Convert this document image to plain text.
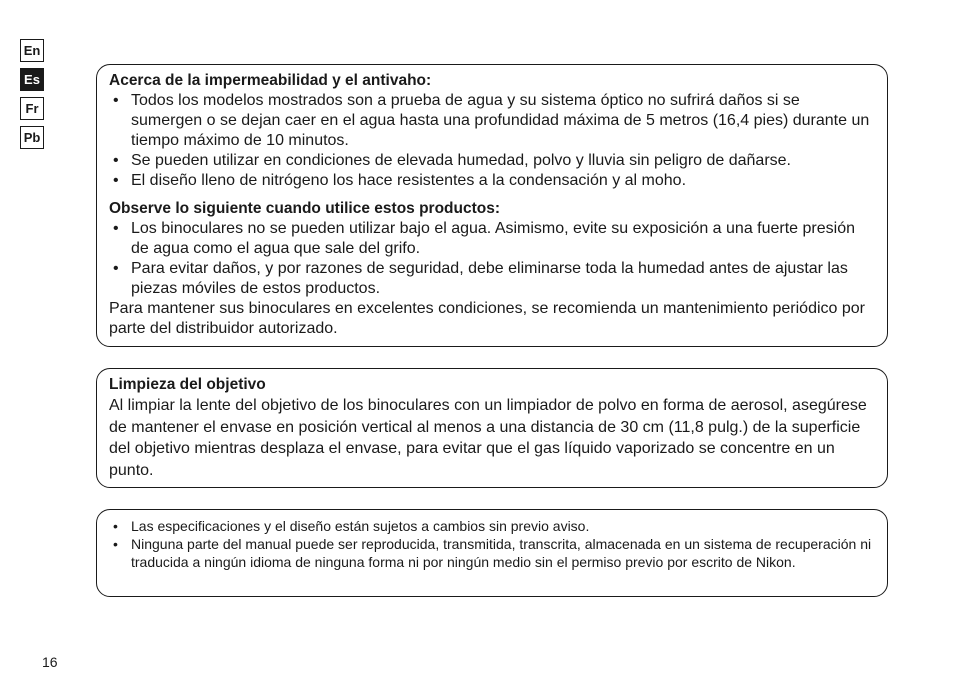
En
Es
Fr
Pb

Acerca de la impermeabilidad y el antivaho:

• Todos los modelos mostrados son a prueba de agua y su sistema óptico no sufrirá daños si se sumergen o se dejan caer en el agua hasta una profundidad máxima de 5 metros (16,4 pies) durante un tiempo máximo de 10 minutos.
• Se pueden utilizar en condiciones de elevada humedad, polvo y lluvia sin peligro de dañarse.
• El diseño lleno de nitrógeno los hace resistentes a la condensación y al moho.

Observe lo siguiente cuando utilice estos productos:

• Los binoculares no se pueden utilizar bajo el agua. Asimismo, evite su exposición a una fuerte presión de agua como el agua que sale del grifo.
• Para evitar daños, y por razones de seguridad, debe eliminarse toda la humedad antes de ajustar las piezas móviles de estos productos.

Para mantener sus binoculares en excelentes condiciones, se recomienda un mantenimiento periódico por parte del distribuidor autorizado.

Limpieza del objetivo

Al limpiar la lente del objetivo de los binoculares con un limpiador de polvo en forma de aerosol, asegúrese de mantener el envase en posición vertical al menos a una distancia de 30 cm (11,8 pulg.) de la superficie del objetivo mientras desplaza el envase, para evitar que el gas líquido vaporizado se concentre en un punto.

• Las especificaciones y el diseño están sujetos a cambios sin previo aviso.
• Ninguna parte del manual puede ser reproducida, transmitida, transcrita, almacenada en un sistema de recuperación ni traducida a ningún idioma de ninguna forma ni por ningún medio sin el permiso previo por escrito de Nikon.
16
